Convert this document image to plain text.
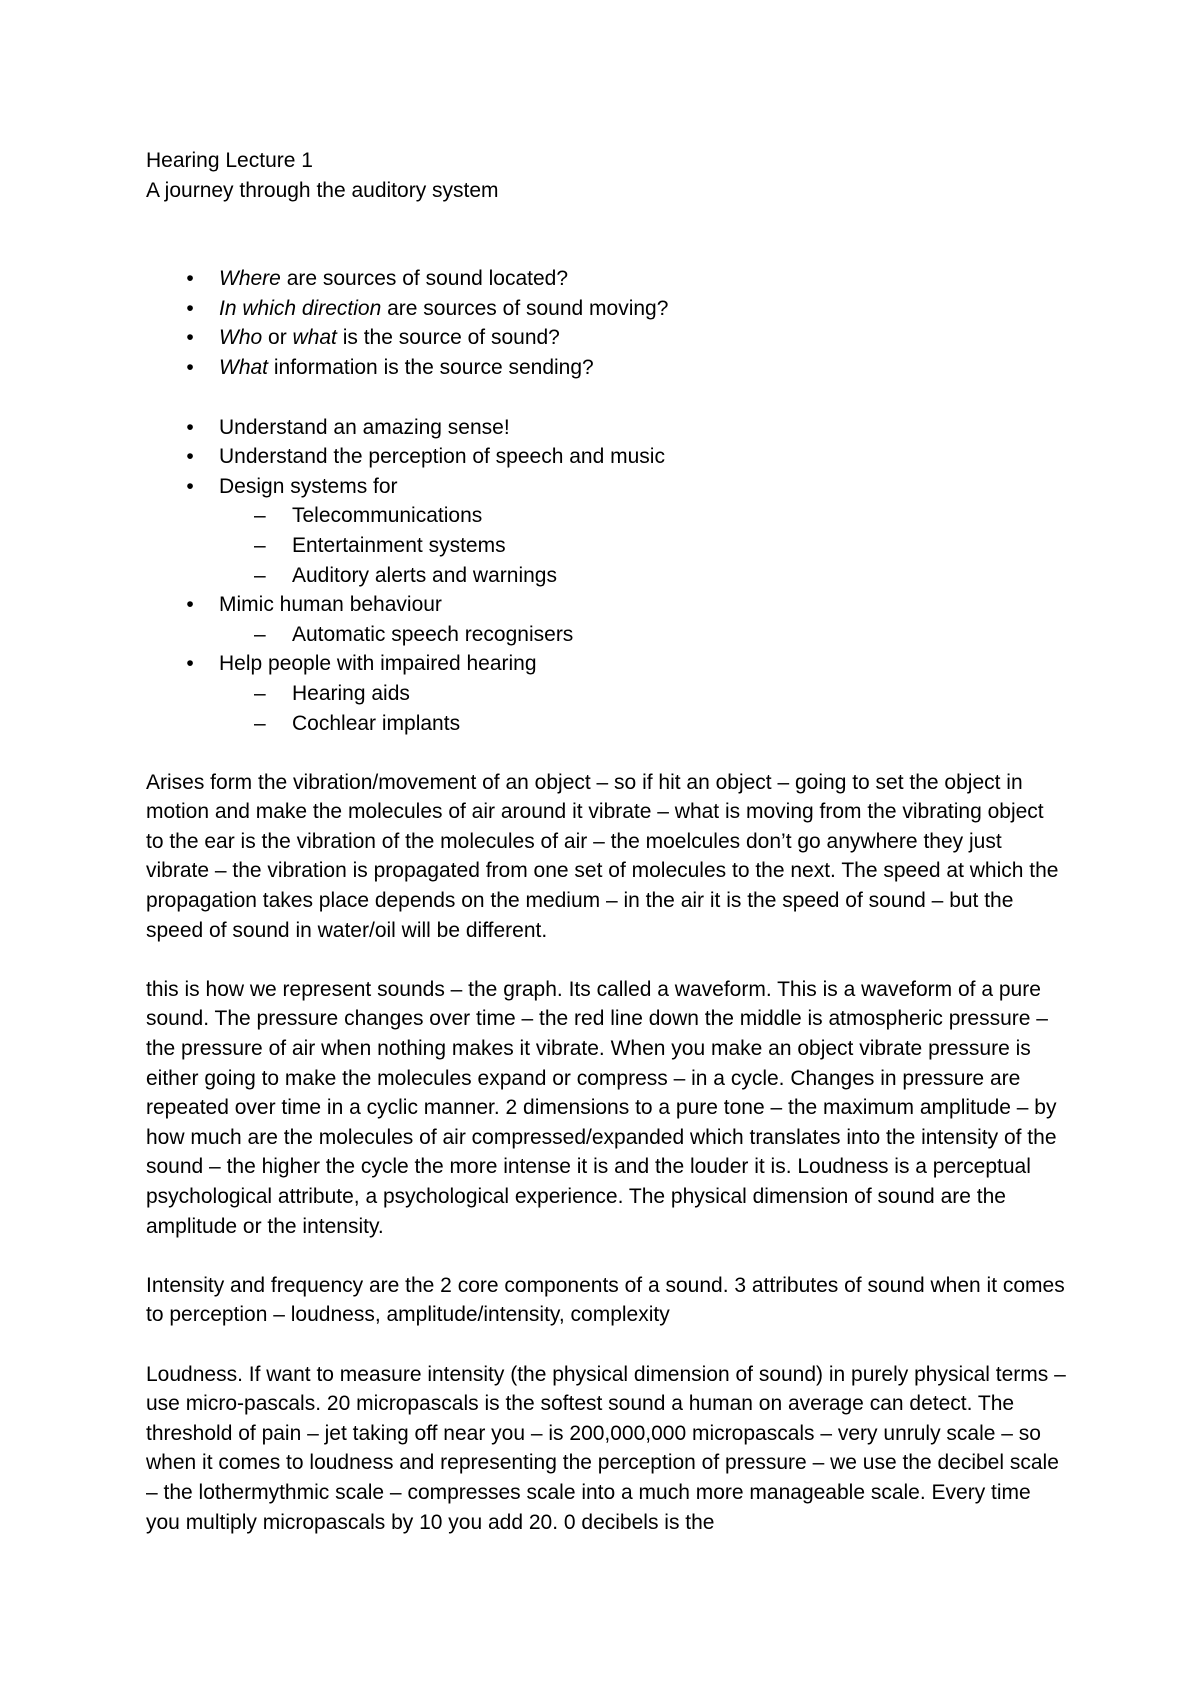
Hearing Lecture 1

A journey through the auditory system

• Where are sources of sound located?
• In which direction are sources of sound moving?
• Who or what is the source of sound?
• What information is the source sending?
• Understand an amazing sense!
• Understand the perception of speech and music
• Design systems for
– Telecommunications
– Entertainment systems
– Auditory alerts and warnings
• Mimic human behaviour
– Automatic speech recognisers
• Help people with impaired hearing
– Hearing aids
– Cochlear implants

Arises form the vibration/movement of an object – so if hit an object – going to set the object in motion and make the molecules of air around it vibrate – what is moving from the vibrating object to the ear is the vibration of the molecules of air – the moelcules don’t go anywhere they just vibrate – the vibration is propagated from one set of molecules to the next. The speed at which the propagation takes place depends on the medium – in the air it is the speed of sound – but the speed of sound in water/oil will be different.

this is how we represent sounds – the graph. Its called a waveform. This is a waveform of a pure sound. The pressure changes over time – the red line down the middle is atmospheric pressure – the pressure of air when nothing makes it vibrate. When you make an object vibrate pressure is either going to make the molecules expand or compress – in a cycle. Changes in pressure are repeated over time in a cyclic manner. 2 dimensions to a pure tone – the maximum amplitude – by how much are the molecules of air compressed/expanded which translates into the intensity of the sound – the higher the cycle the more intense it is and the louder it is. Loudness is a perceptual psychological attribute, a psychological experience. The physical dimension of sound are the amplitude or the intensity.

Intensity and frequency are the 2 core components of a sound. 3 attributes of sound when it comes to perception – loudness, amplitude/intensity, complexity

Loudness. If want to measure intensity (the physical dimension of sound) in purely physical terms – use micro-pascals. 20 micropascals is the softest sound a human on average can detect. The threshold of pain – jet taking off near you – is 200,000,000 micropascals – very unruly scale – so when it comes to loudness and representing the perception of pressure – we use the decibel scale – the lothermythmic scale – compresses scale into a much more manageable scale. Every time you multiply micropascals by 10 you add 20. 0 decibels is the
